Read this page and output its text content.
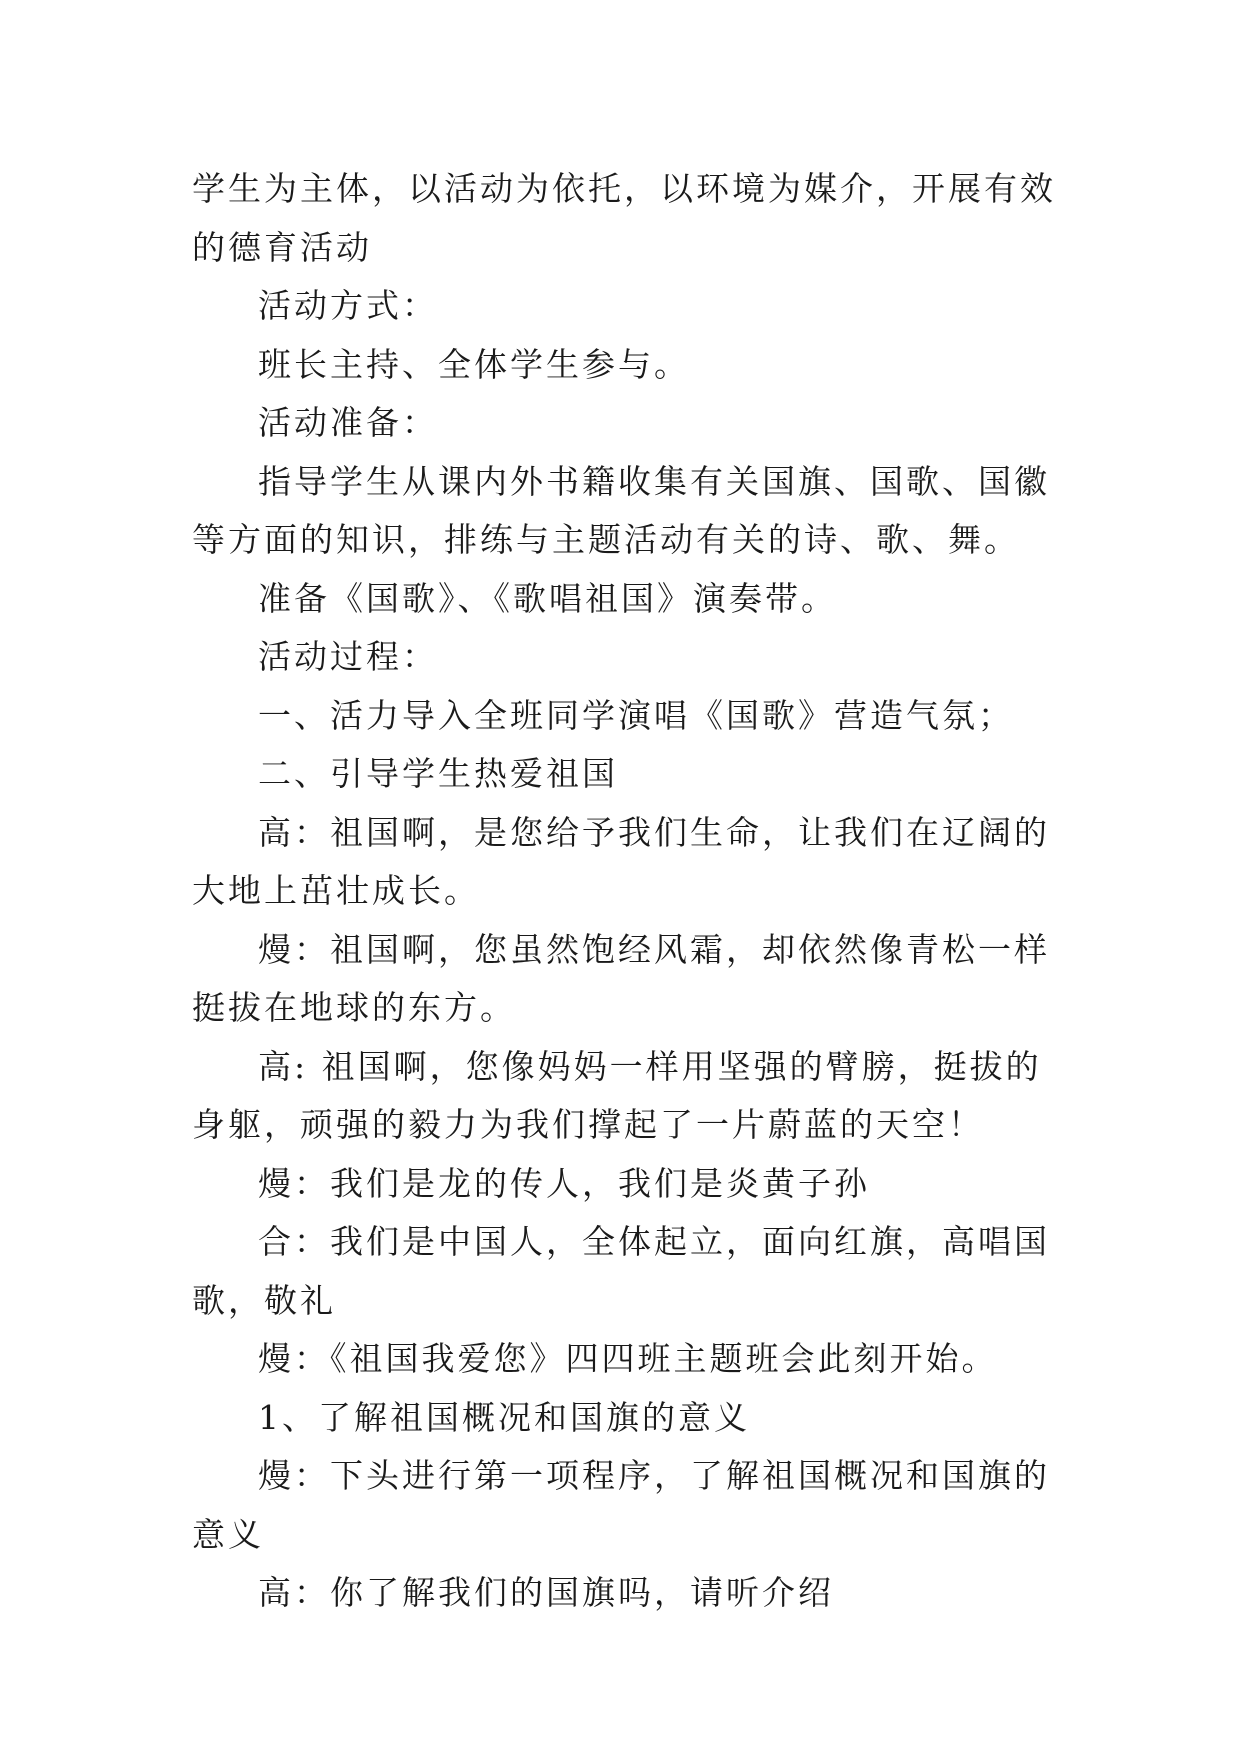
学生为主体，以活动为依托，以环境为媒介，开展有效的德育活动

活动方式：

班长主持、全体学生参与。

活动准备：

指导学生从课内外书籍收集有关国旗、国歌、国徽等方面的知识，排练与主题活动有关的诗、歌、舞。

准备《国歌》、《歌唱祖国》演奏带。

活动过程：

一、活力导入全班同学演唱《国歌》营造气氛；

二、引导学生热爱祖国

高：祖国啊，是您给予我们生命，让我们在辽阔的大地上茁壮成长。

熳：祖国啊，您虽然饱经风霜，却依然像青松一样挺拔在地球的东方。

高: 祖国啊，您像妈妈一样用坚强的臂膀，挺拔的身躯，顽强的毅力为我们撑起了一片蔚蓝的天空！

熳：我们是龙的传人，我们是炎黄子孙

合：我们是中国人，全体起立，面向红旗，高唱国歌，敬礼

熳：《祖国我爱您》四四班主题班会此刻开始。

1、了解祖国概况和国旗的意义

熳：下头进行第一项程序，了解祖国概况和国旗的意义

高：你了解我们的国旗吗，请听介绍
